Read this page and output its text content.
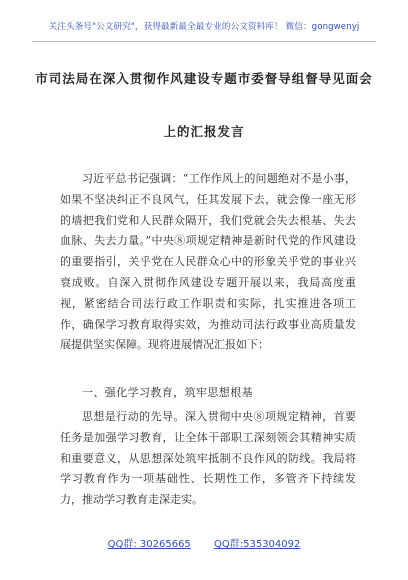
关注头条号"公文研究"，获得最新最全最专业的公文资料库！ 微信：gongwenyj
市司法局在深入贯彻作风建设专题市委督导组督导见面会
上的汇报发言

习近平总书记强调：“工作作风上的问题绝对不是小事，如果不坚决纠正不良风气，任其发展下去，就会像一座无形的墙把我们党和人民群众隔开，我们党就会失去根基、失去血脉、失去力量。”中央⑧项规定精神是新时代党的作风建设的重要指引，关乎党在人民群众心中的形象关乎党的事业兴衰成败。自深入贯彻作风建设专题开展以来，我局高度重视，紧密结合司法行政工作职责和实际，扎实推进各项工作，确保学习教育取得实效，为推动司法行政事业高质量发展提供坚实保障。现将进展情况汇报如下：

一、强化学习教育，筑牢思想根基

思想是行动的先导。深入贯彻中央⑧项规定精神，首要任务是加强学习教育，让全体干部职工深刻领会其精神实质和重要意义，从思想深处筑牢抵制不良作风的防线。我局将学习教育作为一项基础性、长期性工作，多管齐下持续发力，推动学习教育走深走实。

QQ群: 30265665 QQ群:535304092
